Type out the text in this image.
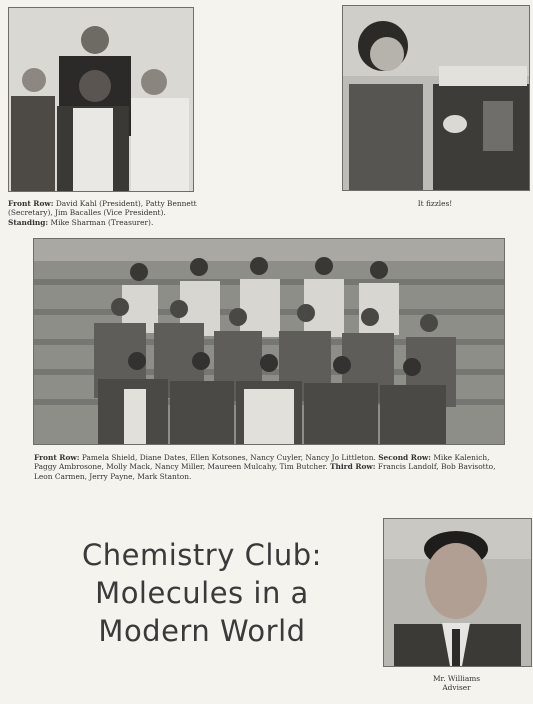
Front Row: David Kahl (President), Patty Bennett (Secretary), Jim Bacalles (Vice President). Standing: Mike Sharman (Treasurer).
It fizzles!
Front Row: Pamela Shield, Diane Dates, Ellen Kotsones, Nancy Cuyler, Nancy Jo Littleton. Second Row: Mike Kalenich, Paggy Ambrosone, Molly Mack, Nancy Miller, Maureen Mulcahy, Tim Butcher. Third Row: Francis Landolf, Bob Bavisotto, Leon Carmen, Jerry Payne, Mark Stanton.
Chemistry Club:
Molecules in a
Modern World
Mr. Williams
Adviser
